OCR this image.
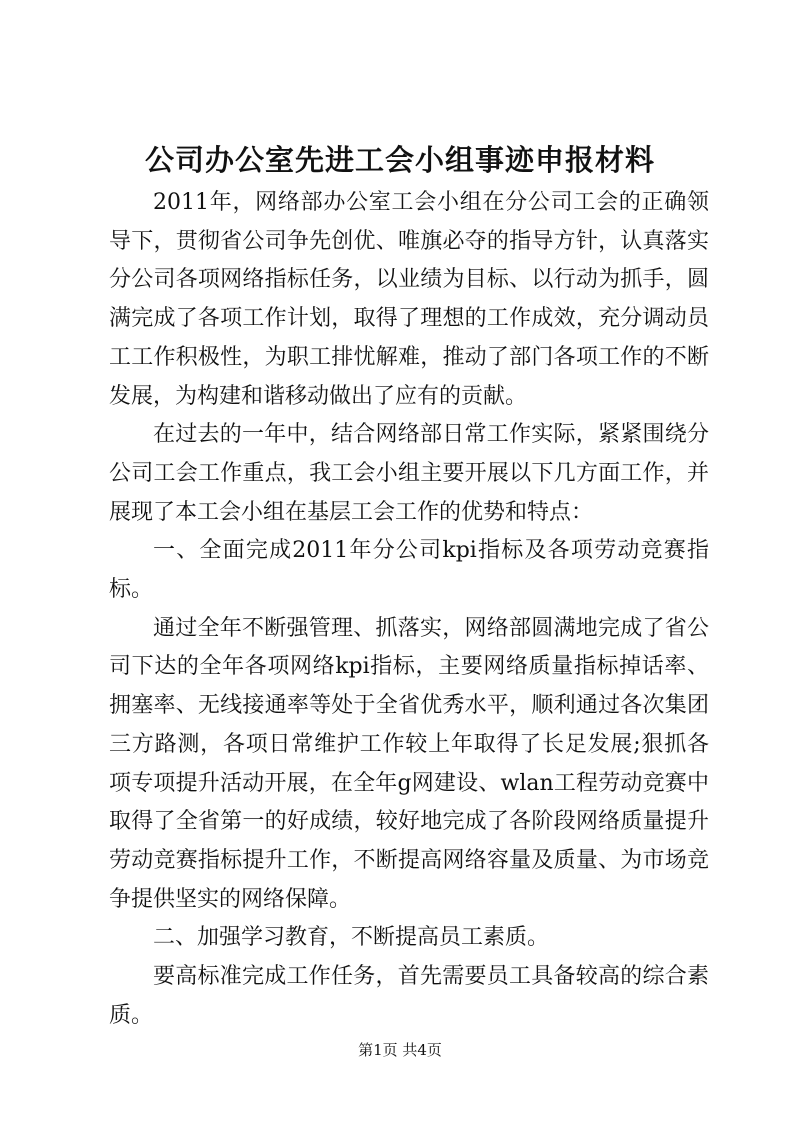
公司办公室先进工会小组事迹申报材料

2011年，网络部办公室工会小组在分公司工会的正确领导下，贯彻省公司争先创优、唯旗必夺的指导方针，认真落实分公司各项网络指标任务，以业绩为目标、以行动为抓手，圆满完成了各项工作计划，取得了理想的工作成效，充分调动员工工作积极性，为职工排忧解难，推动了部门各项工作的不断发展，为构建和谐移动做出了应有的贡献。

在过去的一年中，结合网络部日常工作实际，紧紧围绕分公司工会工作重点，我工会小组主要开展以下几方面工作，并展现了本工会小组在基层工会工作的优势和特点：

一、全面完成2011年分公司kpi指标及各项劳动竞赛指标。

通过全年不断强管理、抓落实，网络部圆满地完成了省公司下达的全年各项网络kpi指标，主要网络质量指标掉话率、拥塞率、无线接通率等处于全省优秀水平，顺利通过各次集团三方路测，各项日常维护工作较上年取得了长足发展;狠抓各项专项提升活动开展，在全年g网建设、wlan工程劳动竞赛中取得了全省第一的好成绩，较好地完成了各阶段网络质量提升劳动竞赛指标提升工作，不断提高网络容量及质量、为市场竞争提供坚实的网络保障。

二、加强学习教育，不断提高员工素质。

要高标准完成工作任务，首先需要员工具备较高的综合素质。

第1页 共4页
